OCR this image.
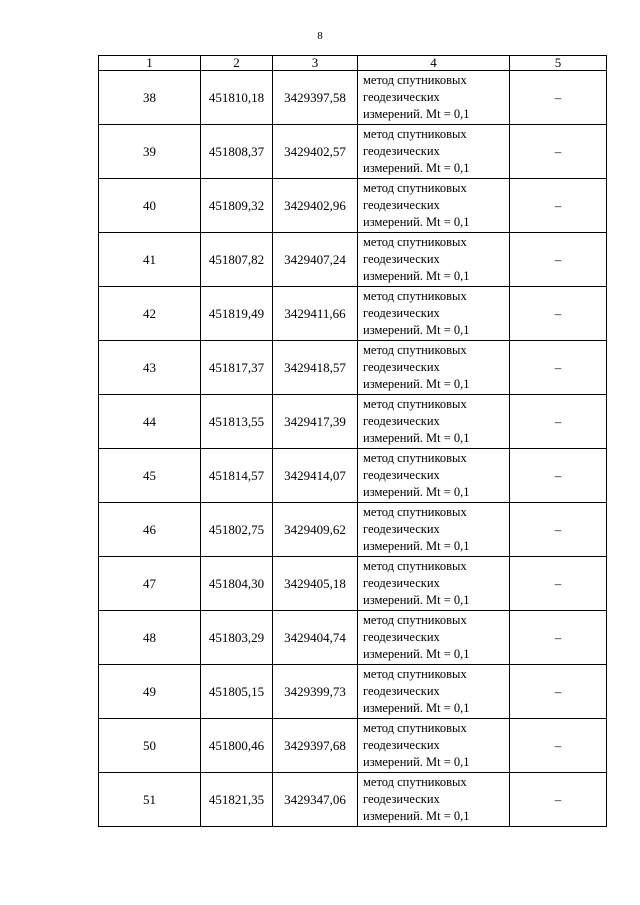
8
1	2	3	4	5
38	451810,18	3429397,58	метод спутниковых
геодезических
измерений. Mt = 0,1	–
39	451808,37	3429402,57	метод спутниковых
геодезических
измерений. Mt = 0,1	–
40	451809,32	3429402,96	метод спутниковых
геодезических
измерений. Mt = 0,1	–
41	451807,82	3429407,24	метод спутниковых
геодезических
измерений. Mt = 0,1	–
42	451819,49	3429411,66	метод спутниковых
геодезических
измерений. Mt = 0,1	–
43	451817,37	3429418,57	метод спутниковых
геодезических
измерений. Mt = 0,1	–
44	451813,55	3429417,39	метод спутниковых
геодезических
измерений. Mt = 0,1	–
45	451814,57	3429414,07	метод спутниковых
геодезических
измерений. Mt = 0,1	–
46	451802,75	3429409,62	метод спутниковых
геодезических
измерений. Mt = 0,1	–
47	451804,30	3429405,18	метод спутниковых
геодезических
измерений. Mt = 0,1	–
48	451803,29	3429404,74	метод спутниковых
геодезических
измерений. Mt = 0,1	–
49	451805,15	3429399,73	метод спутниковых
геодезических
измерений. Mt = 0,1	–
50	451800,46	3429397,68	метод спутниковых
геодезических
измерений. Mt = 0,1	–
51	451821,35	3429347,06	метод спутниковых
геодезических
измерений. Mt = 0,1	–
